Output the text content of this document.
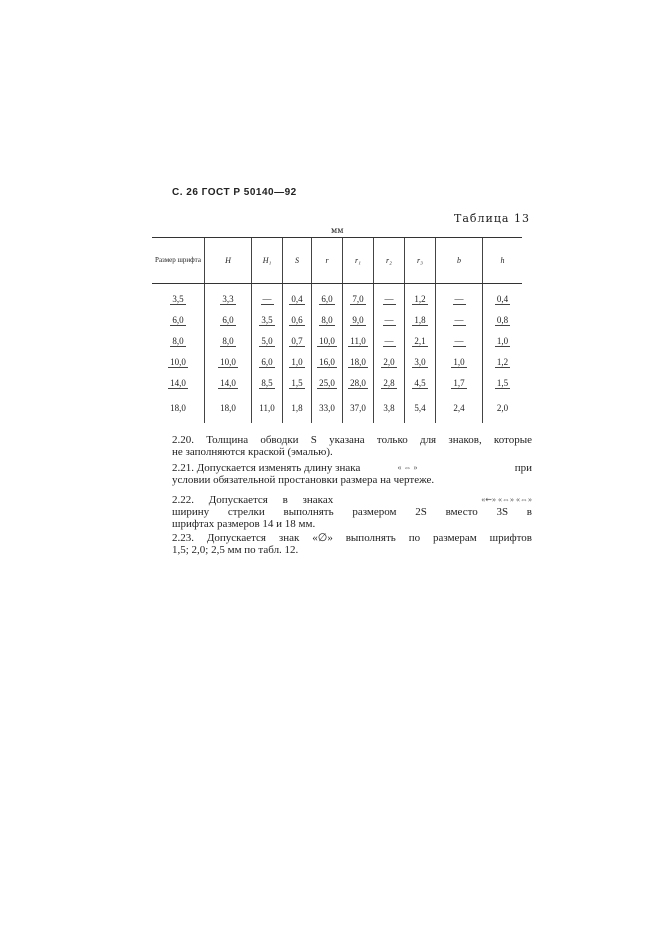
С. 26 ГОСТ Р 50140—92
Таблица 13
мм
Размер шрифта	H	H₁	S	r	r₁	r₂	r₃	b	h
3,5	3,3	—	0,4	6,0	7,0	—	1,2	—	0,4
6,0	6,0	3,5	0,6	8,0	9,0	—	1,8	—	0,8
8,0	8,0	5,0	0,7	10,0	11,0	—	2,1	—	1,0
10,0	10,0	6,0	1,0	16,0	18,0	2,0	3,0	1,0	1,2
14,0	14,0	8,5	1,5	25,0	28,0	2,8	4,5	1,7	1,5
18,0	18,0	11,0	1,8	33,0	37,0	3,8	5,4	2,4	2,0
2.20. Толщина обводки S указана только для знаков, которые
не заполняются краской (эмалью).
2.21. Допускается изменять длину знака	« ⇔ »	при
условии обязательной простановки размера на чертеже.
2.22. Допускается в знаках	«⇜» «⇔» «⇔»
ширину стрелки выполнять размером 2S вместо 3S в
шрифтах размеров 14 и 18 мм.
2.23. Допускается знак «∅» выполнять по размерам шрифтов
1,5; 2,0; 2,5 мм по табл. 12.
